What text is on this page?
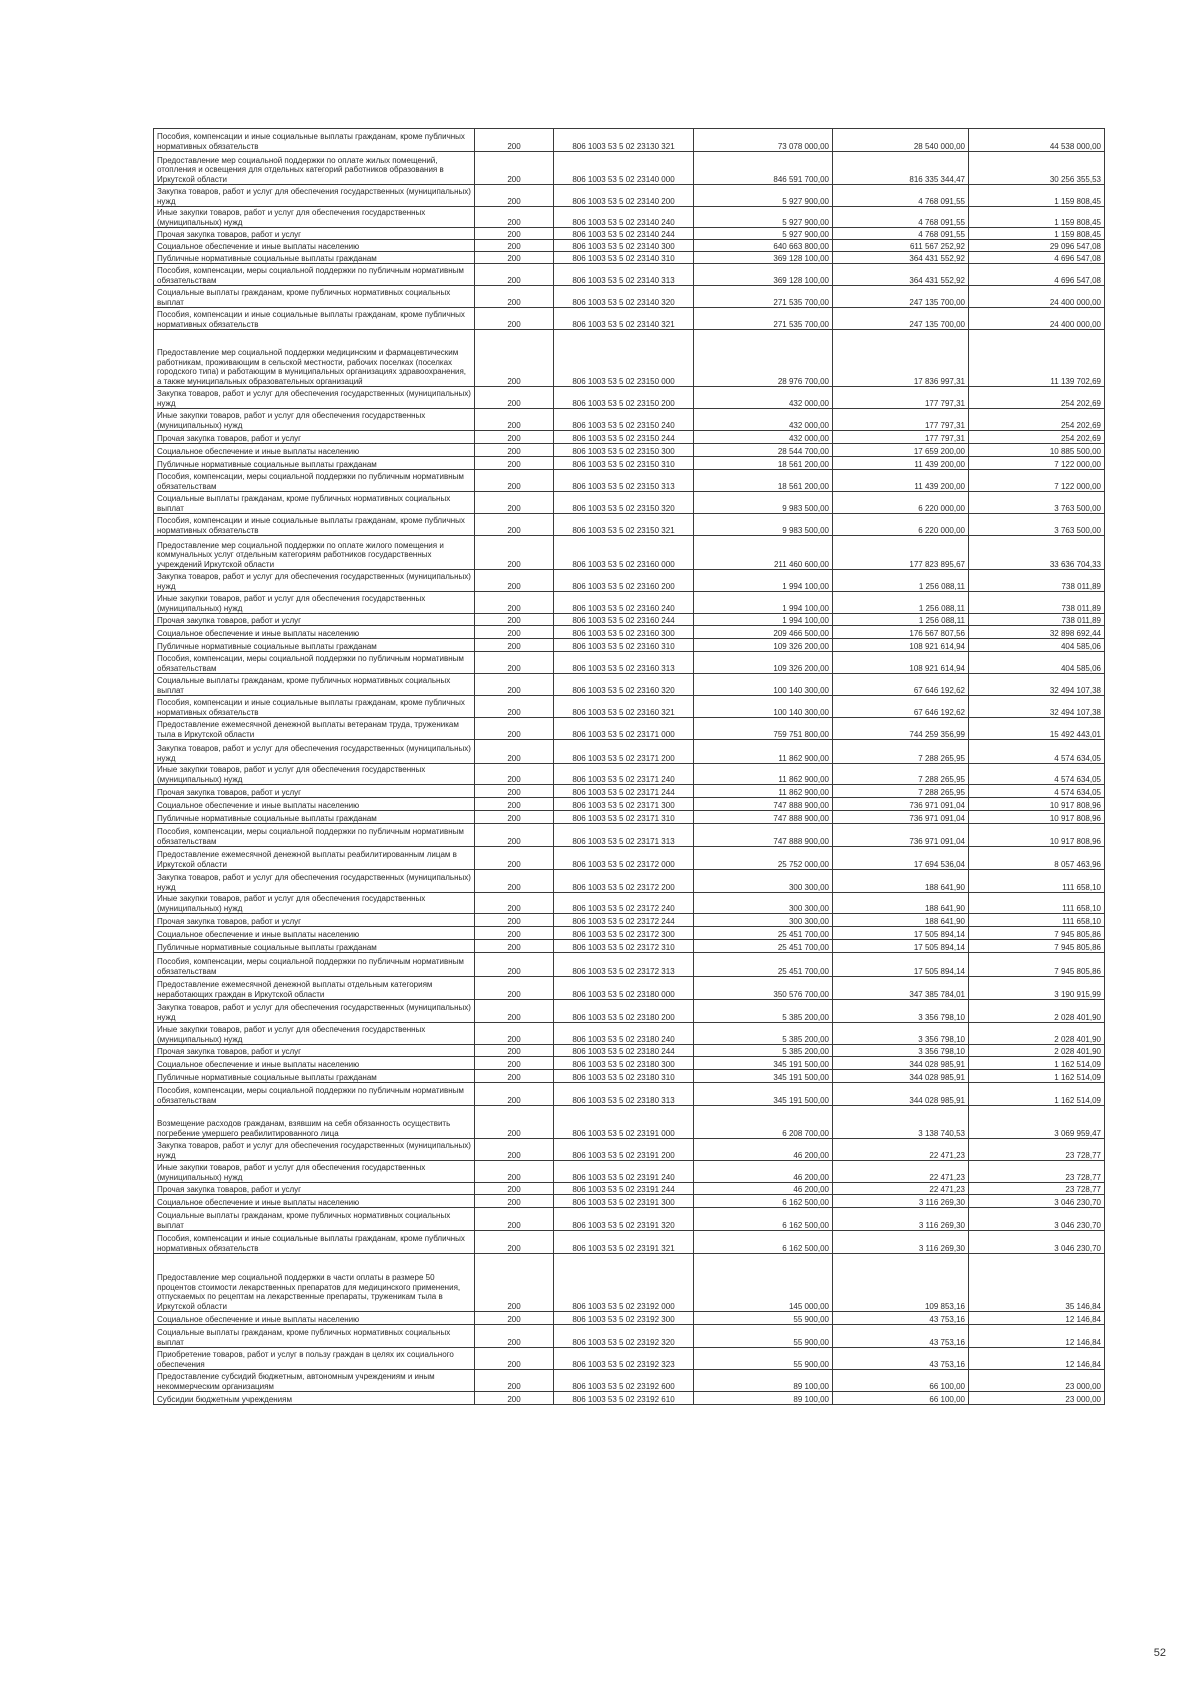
Пособия, компенсации и иные социальные выплаты гражданам, кроме публичных нормативных обязательств	200	806 1003 53 5 02 23130 321	73 078 000,00	28 540 000,00	44 538 000,00
Предоставление мер социальной поддержки по оплате жилых помещений, отопления и освещения для отдельных категорий работников образования в Иркутской области	200	806 1003 53 5 02 23140 000	846 591 700,00	816 335 344,47	30 256 355,53
Закупка товаров, работ и услуг для обеспечения государственных (муниципальных) нужд	200	806 1003 53 5 02 23140 200	5 927 900,00	4 768 091,55	1 159 808,45
Иные закупки товаров, работ и услуг для обеспечения государственных (муниципальных) нужд	200	806 1003 53 5 02 23140 240	5 927 900,00	4 768 091,55	1 159 808,45
Прочая закупка товаров, работ и услуг	200	806 1003 53 5 02 23140 244	5 927 900,00	4 768 091,55	1 159 808,45
Социальное обеспечение и иные выплаты населению	200	806 1003 53 5 02 23140 300	640 663 800,00	611 567 252,92	29 096 547,08
Публичные нормативные социальные выплаты гражданам	200	806 1003 53 5 02 23140 310	369 128 100,00	364 431 552,92	4 696 547,08
Пособия, компенсации, меры социальной поддержки по публичным нормативным обязательствам	200	806 1003 53 5 02 23140 313	369 128 100,00	364 431 552,92	4 696 547,08
Социальные выплаты гражданам, кроме публичных нормативных социальных выплат	200	806 1003 53 5 02 23140 320	271 535 700,00	247 135 700,00	24 400 000,00
Пособия, компенсации и иные социальные выплаты гражданам, кроме публичных нормативных обязательств	200	806 1003 53 5 02 23140 321	271 535 700,00	247 135 700,00	24 400 000,00
Предоставление мер социальной поддержки медицинским и фармацевтическим работникам, проживающим в сельской местности, рабочих поселках (поселках городского типа) и работающим в муниципальных организациях здравоохранения, а также муниципальных образовательных организаций	200	806 1003 53 5 02 23150 000	28 976 700,00	17 836 997,31	11 139 702,69
Закупка товаров, работ и услуг для обеспечения государственных (муниципальных) нужд	200	806 1003 53 5 02 23150 200	432 000,00	177 797,31	254 202,69
Иные закупки товаров, работ и услуг для обеспечения государственных (муниципальных) нужд	200	806 1003 53 5 02 23150 240	432 000,00	177 797,31	254 202,69
Прочая закупка товаров, работ и услуг	200	806 1003 53 5 02 23150 244	432 000,00	177 797,31	254 202,69
Социальное обеспечение и иные выплаты населению	200	806 1003 53 5 02 23150 300	28 544 700,00	17 659 200,00	10 885 500,00
Публичные нормативные социальные выплаты гражданам	200	806 1003 53 5 02 23150 310	18 561 200,00	11 439 200,00	7 122 000,00
Пособия, компенсации, меры социальной поддержки по публичным нормативным обязательствам	200	806 1003 53 5 02 23150 313	18 561 200,00	11 439 200,00	7 122 000,00
Социальные выплаты гражданам, кроме публичных нормативных социальных выплат	200	806 1003 53 5 02 23150 320	9 983 500,00	6 220 000,00	3 763 500,00
Пособия, компенсации и иные социальные выплаты гражданам, кроме публичных нормативных обязательств	200	806 1003 53 5 02 23150 321	9 983 500,00	6 220 000,00	3 763 500,00
Предоставление мер социальной поддержки по оплате жилого помещения и коммунальных услуг отдельным категориям работников государственных учреждений Иркутской области	200	806 1003 53 5 02 23160 000	211 460 600,00	177 823 895,67	33 636 704,33
Закупка товаров, работ и услуг для обеспечения государственных (муниципальных) нужд	200	806 1003 53 5 02 23160 200	1 994 100,00	1 256 088,11	738 011,89
Иные закупки товаров, работ и услуг для обеспечения государственных (муниципальных) нужд	200	806 1003 53 5 02 23160 240	1 994 100,00	1 256 088,11	738 011,89
Прочая закупка товаров, работ и услуг	200	806 1003 53 5 02 23160 244	1 994 100,00	1 256 088,11	738 011,89
Социальное обеспечение и иные выплаты населению	200	806 1003 53 5 02 23160 300	209 466 500,00	176 567 807,56	32 898 692,44
Публичные нормативные социальные выплаты гражданам	200	806 1003 53 5 02 23160 310	109 326 200,00	108 921 614,94	404 585,06
Пособия, компенсации, меры социальной поддержки по публичным нормативным обязательствам	200	806 1003 53 5 02 23160 313	109 326 200,00	108 921 614,94	404 585,06
Социальные выплаты гражданам, кроме публичных нормативных социальных выплат	200	806 1003 53 5 02 23160 320	100 140 300,00	67 646 192,62	32 494 107,38
Пособия, компенсации и иные социальные выплаты гражданам, кроме публичных нормативных обязательств	200	806 1003 53 5 02 23160 321	100 140 300,00	67 646 192,62	32 494 107,38
Предоставление ежемесячной денежной выплаты ветеранам труда, труженикам тыла в Иркутской области	200	806 1003 53 5 02 23171 000	759 751 800,00	744 259 356,99	15 492 443,01
Закупка товаров, работ и услуг для обеспечения государственных (муниципальных) нужд	200	806 1003 53 5 02 23171 200	11 862 900,00	7 288 265,95	4 574 634,05
Иные закупки товаров, работ и услуг для обеспечения государственных (муниципальных) нужд	200	806 1003 53 5 02 23171 240	11 862 900,00	7 288 265,95	4 574 634,05
Прочая закупка товаров, работ и услуг	200	806 1003 53 5 02 23171 244	11 862 900,00	7 288 265,95	4 574 634,05
Социальное обеспечение и иные выплаты населению	200	806 1003 53 5 02 23171 300	747 888 900,00	736 971 091,04	10 917 808,96
Публичные нормативные социальные выплаты гражданам	200	806 1003 53 5 02 23171 310	747 888 900,00	736 971 091,04	10 917 808,96
Пособия, компенсации, меры социальной поддержки по публичным нормативным обязательствам	200	806 1003 53 5 02 23171 313	747 888 900,00	736 971 091,04	10 917 808,96
Предоставление ежемесячной денежной выплаты реабилитированным лицам в Иркутской области	200	806 1003 53 5 02 23172 000	25 752 000,00	17 694 536,04	8 057 463,96
Закупка товаров, работ и услуг для обеспечения государственных (муниципальных) нужд	200	806 1003 53 5 02 23172 200	300 300,00	188 641,90	111 658,10
Иные закупки товаров, работ и услуг для обеспечения государственных (муниципальных) нужд	200	806 1003 53 5 02 23172 240	300 300,00	188 641,90	111 658,10
Прочая закупка товаров, работ и услуг	200	806 1003 53 5 02 23172 244	300 300,00	188 641,90	111 658,10
Социальное обеспечение и иные выплаты населению	200	806 1003 53 5 02 23172 300	25 451 700,00	17 505 894,14	7 945 805,86
Публичные нормативные социальные выплаты гражданам	200	806 1003 53 5 02 23172 310	25 451 700,00	17 505 894,14	7 945 805,86
Пособия, компенсации, меры социальной поддержки по публичным нормативным обязательствам	200	806 1003 53 5 02 23172 313	25 451 700,00	17 505 894,14	7 945 805,86
Предоставление ежемесячной денежной выплаты отдельным категориям неработающих граждан в Иркутской области	200	806 1003 53 5 02 23180 000	350 576 700,00	347 385 784,01	3 190 915,99
Закупка товаров, работ и услуг для обеспечения государственных (муниципальных) нужд	200	806 1003 53 5 02 23180 200	5 385 200,00	3 356 798,10	2 028 401,90
Иные закупки товаров, работ и услуг для обеспечения государственных (муниципальных) нужд	200	806 1003 53 5 02 23180 240	5 385 200,00	3 356 798,10	2 028 401,90
Прочая закупка товаров, работ и услуг	200	806 1003 53 5 02 23180 244	5 385 200,00	3 356 798,10	2 028 401,90
Социальное обеспечение и иные выплаты населению	200	806 1003 53 5 02 23180 300	345 191 500,00	344 028 985,91	1 162 514,09
Публичные нормативные социальные выплаты гражданам	200	806 1003 53 5 02 23180 310	345 191 500,00	344 028 985,91	1 162 514,09
Пособия, компенсации, меры социальной поддержки по публичным нормативным обязательствам	200	806 1003 53 5 02 23180 313	345 191 500,00	344 028 985,91	1 162 514,09
Возмещение расходов гражданам, взявшим на себя обязанность осуществить погребение умершего реабилитированного лица	200	806 1003 53 5 02 23191 000	6 208 700,00	3 138 740,53	3 069 959,47
Закупка товаров, работ и услуг для обеспечения государственных (муниципальных) нужд	200	806 1003 53 5 02 23191 200	46 200,00	22 471,23	23 728,77
Иные закупки товаров, работ и услуг для обеспечения государственных (муниципальных) нужд	200	806 1003 53 5 02 23191 240	46 200,00	22 471,23	23 728,77
Прочая закупка товаров, работ и услуг	200	806 1003 53 5 02 23191 244	46 200,00	22 471,23	23 728,77
Социальное обеспечение и иные выплаты населению	200	806 1003 53 5 02 23191 300	6 162 500,00	3 116 269,30	3 046 230,70
Социальные выплаты гражданам, кроме публичных нормативных социальных выплат	200	806 1003 53 5 02 23191 320	6 162 500,00	3 116 269,30	3 046 230,70
Пособия, компенсации и иные социальные выплаты гражданам, кроме публичных нормативных обязательств	200	806 1003 53 5 02 23191 321	6 162 500,00	3 116 269,30	3 046 230,70
Предоставление мер социальной поддержки в части оплаты в размере 50 процентов стоимости лекарственных препаратов для медицинского применения, отпускаемых по рецептам на лекарственные препараты, труженикам тыла в Иркутской области	200	806 1003 53 5 02 23192 000	145 000,00	109 853,16	35 146,84
Социальное обеспечение и иные выплаты населению	200	806 1003 53 5 02 23192 300	55 900,00	43 753,16	12 146,84
Социальные выплаты гражданам, кроме публичных нормативных социальных выплат	200	806 1003 53 5 02 23192 320	55 900,00	43 753,16	12 146,84
Приобретение товаров, работ и услуг в пользу граждан в целях их социального обеспечения	200	806 1003 53 5 02 23192 323	55 900,00	43 753,16	12 146,84
Предоставление субсидий бюджетным, автономным учреждениям и иным некоммерческим организациям	200	806 1003 53 5 02 23192 600	89 100,00	66 100,00	23 000,00
Субсидии бюджетным учреждениям	200	806 1003 53 5 02 23192 610	89 100,00	66 100,00	23 000,00
52
